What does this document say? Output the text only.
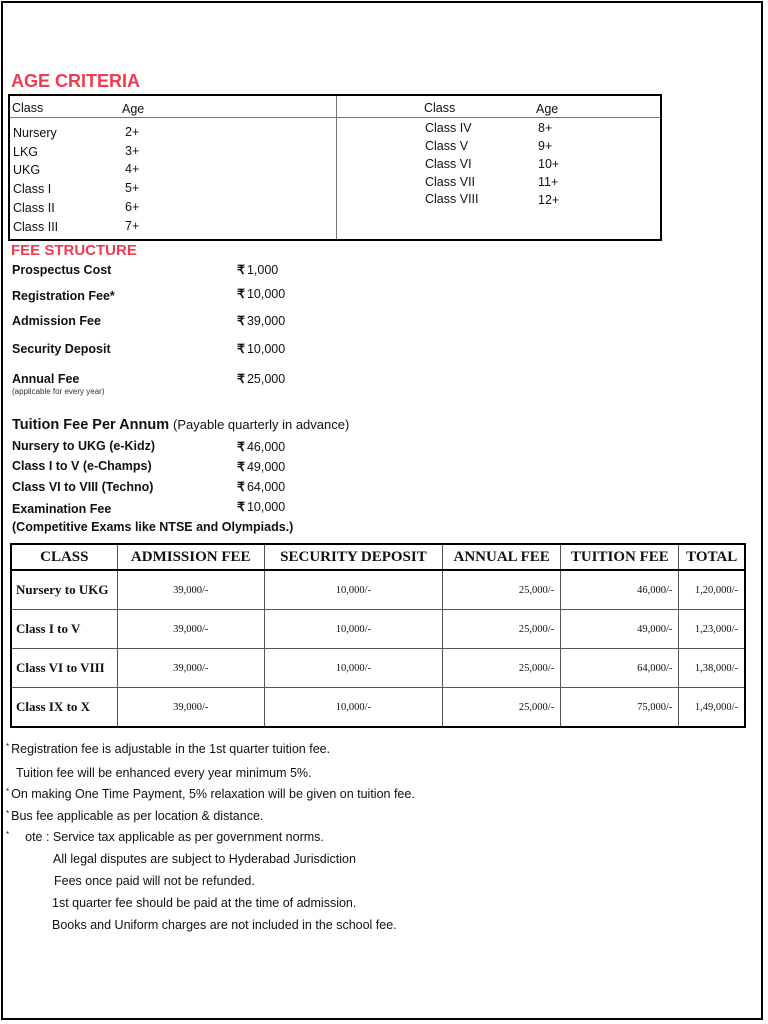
AGE CRITERIA
Class	Age
Nursery	2+
LKG	3+
UKG	4+
Class I	5+
Class II	6+
Class III	7+
Class	Age
Class IV	8+
Class V	9+
Class VI	10+
Class VII	11+
Class VIII	12+
FEE STRUCTURE
Prospectus Cost	₹ 1,000
Registration Fee*	₹ 10,000
Admission Fee	₹ 39,000
Security Deposit	₹ 10,000
Annual Fee	₹ 25,000
(applicable for every year)
Tuition Fee Per Annum (Payable quarterly in advance)
Nursery to UKG (e-Kidz)	₹ 46,000
Class I to V (e-Champs)	₹ 49,000
Class VI to VIII (Techno)	₹ 64,000
Examination Fee	₹ 10,000
(Competitive Exams like NTSE and Olympiads.)
CLASS	ADMISSION FEE	SECURITY DEPOSIT	ANNUAL FEE	TUITION FEE	TOTAL
Nursery to UKG	39,000/-	10,000/-	25,000/-	46,000/-	1,20,000/-
Class I to V	39,000/-	10,000/-	25,000/-	49,000/-	1,23,000/-
Class VI to VIII	39,000/-	10,000/-	25,000/-	64,000/-	1,38,000/-
Class IX to X	39,000/-	10,000/-	25,000/-	75,000/-	1,49,000/-
* Registration fee is adjustable in the 1st quarter tuition fee.
Tuition fee will be enhanced every year minimum 5%.
* On making One Time Payment, 5% relaxation will be given on tuition fee.
* Bus fee applicable as per location & distance.
* ote : Service tax applicable as per government norms.
All legal disputes are subject to Hyderabad Jurisdiction
Fees once paid will not be refunded.
1st quarter fee should be paid at the time of admission.
Books and Uniform charges are not included in the school fee.
